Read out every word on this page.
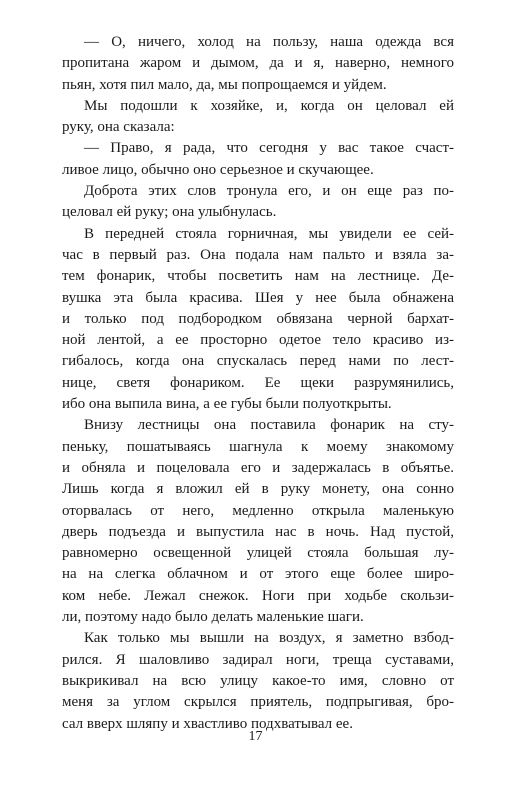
— О, ничего, холод на пользу, наша одежда вся
пропитана жаром и дымом, да и я, наверно, немного
пьян, хотя пил мало, да, мы попрощаемся и уйдем.
Мы подошли к хозяйке, и, когда он целовал ей
руку, она сказала:
— Право, я рада, что сегодня у вас такое счаст-
ливое лицо, обычно оно серьезное и скучающее.
Доброта этих слов тронула его, и он еще раз по-
целовал ей руку; она улыбнулась.
В передней стояла горничная, мы увидели ее сей-
час в первый раз. Она подала нам пальто и взяла за-
тем фонарик, чтобы посветить нам на лестнице. Де-
вушка эта была красива. Шея у нее была обнажена
и только под подбородком обвязана черной бархат-
ной лентой, а ее просторно одетое тело красиво из-
гибалось, когда она спускалась перед нами по лест-
нице, светя фонариком. Ее щеки разрумянились,
ибо она выпила вина, а ее губы были полуоткрыты.
Внизу лестницы она поставила фонарик на сту-
пеньку, пошатываясь шагнула к моему знакомому
и обняла и поцеловала его и задержалась в объятье.
Лишь когда я вложил ей в руку монету, она сонно
оторвалась от него, медленно открыла маленькую
дверь подъезда и выпустила нас в ночь. Над пустой,
равномерно освещенной улицей стояла большая лу-
на на слегка облачном и от этого еще более широ-
ком небе. Лежал снежок. Ноги при ходьбе скользи-
ли, поэтому надо было делать маленькие шаги.
Как только мы вышли на воздух, я заметно взбод-
рился. Я шаловливо задирал ноги, треща суставами,
выкрикивал на всю улицу какое-то имя, словно от
меня за углом скрылся приятель, подпрыгивая, бро-
сал вверх шляпу и хвастливо подхватывал ее.
17
